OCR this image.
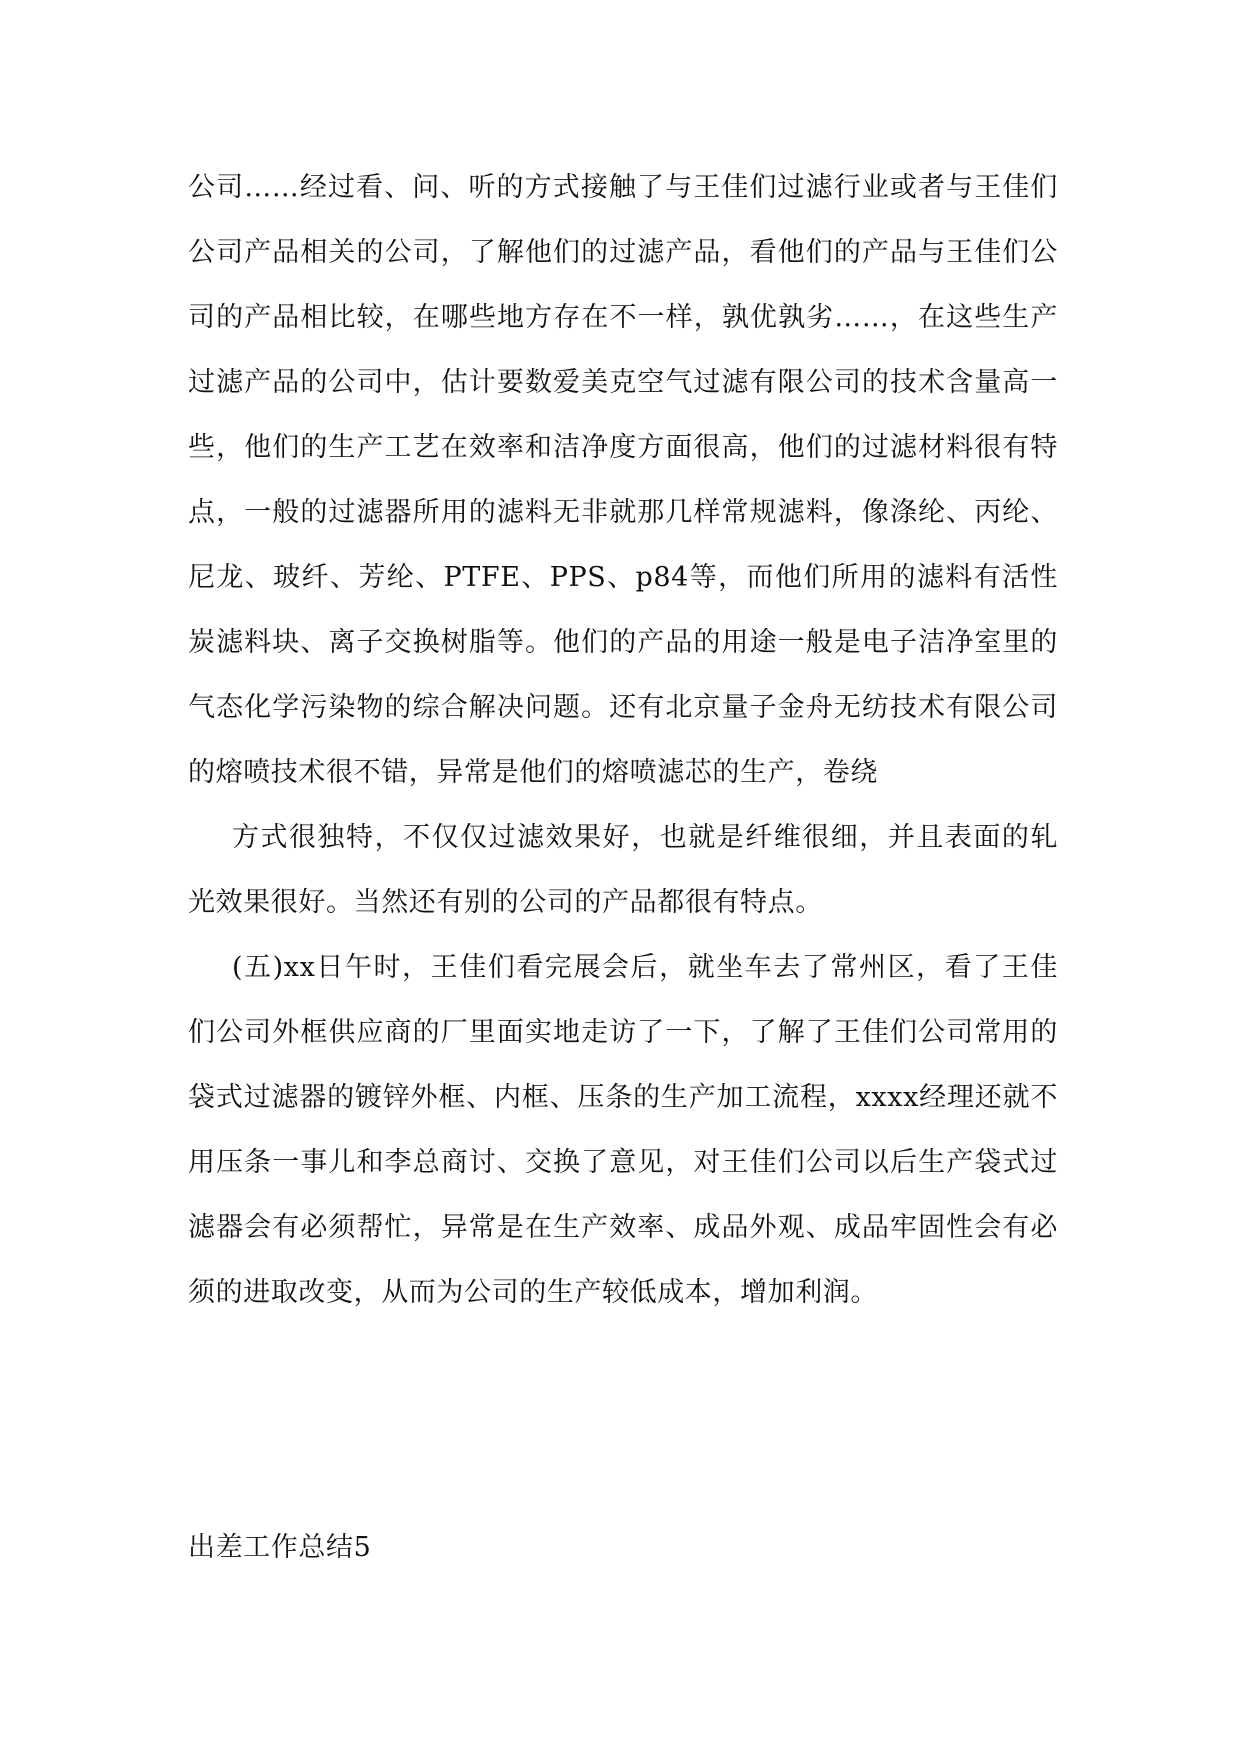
公司……经过看、问、听的方式接触了与王佳们过滤行业或者与王佳们公司产品相关的公司，了解他们的过滤产品，看他们的产品与王佳们公司的产品相比较，在哪些地方存在不一样，孰优孰劣……，在这些生产过滤产品的公司中，估计要数爱美克空气过滤有限公司的技术含量高一些，他们的生产工艺在效率和洁净度方面很高，他们的过滤材料很有特点，一般的过滤器所用的滤料无非就那几样常规滤料，像涤纶、丙纶、尼龙、玻纤、芳纶、PTFE、PPS、p84等，而他们所用的滤料有活性炭滤料块、离子交换树脂等。他们的产品的用途一般是电子洁净室里的气态化学污染物的综合解决问题。还有北京量子金舟无纺技术有限公司的熔喷技术很不错，异常是他们的熔喷滤芯的生产，卷绕

方式很独特，不仅仅过滤效果好，也就是纤维很细，并且表面的轧光效果很好。当然还有别的公司的产品都很有特点。

(五)xx日午时，王佳们看完展会后，就坐车去了常州区，看了王佳们公司外框供应商的厂里面实地走访了一下，了解了王佳们公司常用的袋式过滤器的镀锌外框、内框、压条的生产加工流程，xxxx经理还就不用压条一事儿和李总商讨、交换了意见，对王佳们公司以后生产袋式过滤器会有必须帮忙，异常是在生产效率、成品外观、成品牢固性会有必须的进取改变，从而为公司的生产较低成本，增加利润。

出差工作总结5
